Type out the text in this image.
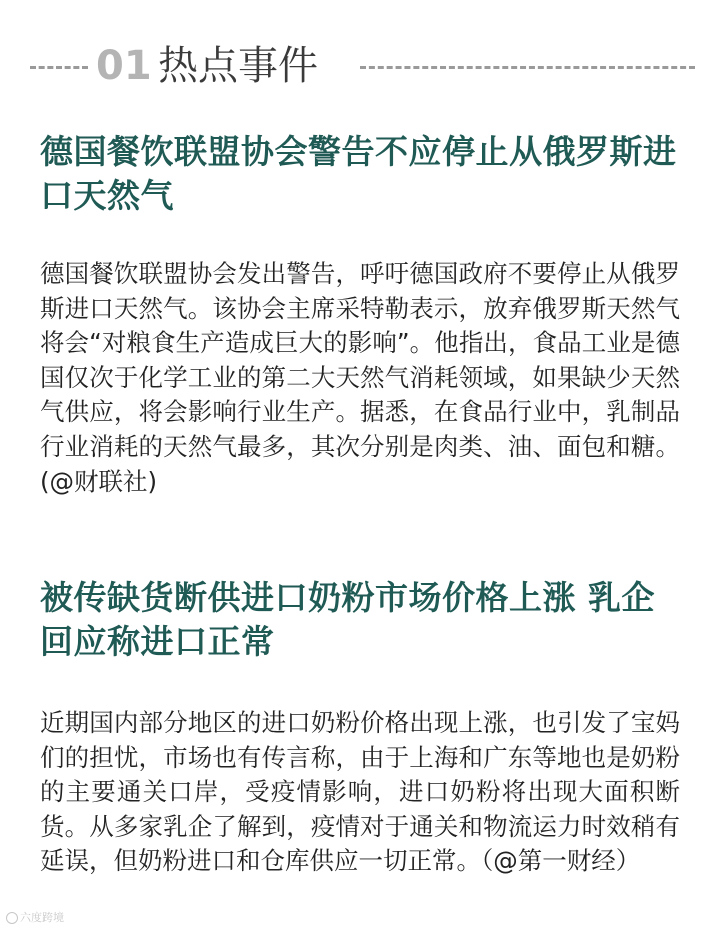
01 热点事件
德国餐饮联盟协会警告不应停止从俄罗斯进口天然气
德国餐饮联盟协会发出警告，呼吁德国政府不要停止从俄罗斯进口天然气。该协会主席采特勒表示，放弃俄罗斯天然气将会“对粮食生产造成巨大的影响”。他指出，食品工业是德国仅次于化学工业的第二大天然气消耗领域，如果缺少天然气供应，将会影响行业生产。据悉，在食品行业中，乳制品行业消耗的天然气最多，其次分别是肉类、油、面包和糖。(@财联社)
被传缺货断供进口奶粉市场价格上涨 乳企回应称进口正常
近期国内部分地区的进口奶粉价格出现上涨，也引发了宝妈们的担忧，市场也有传言称，由于上海和广东等地也是奶粉的主要通关口岸，受疫情影响，进口奶粉将出现大面积断货。从多家乳企了解到，疫情对于通关和物流运力时效稍有延误，但奶粉进口和仓库供应一切正常。（@第一财经）
六度跨境
